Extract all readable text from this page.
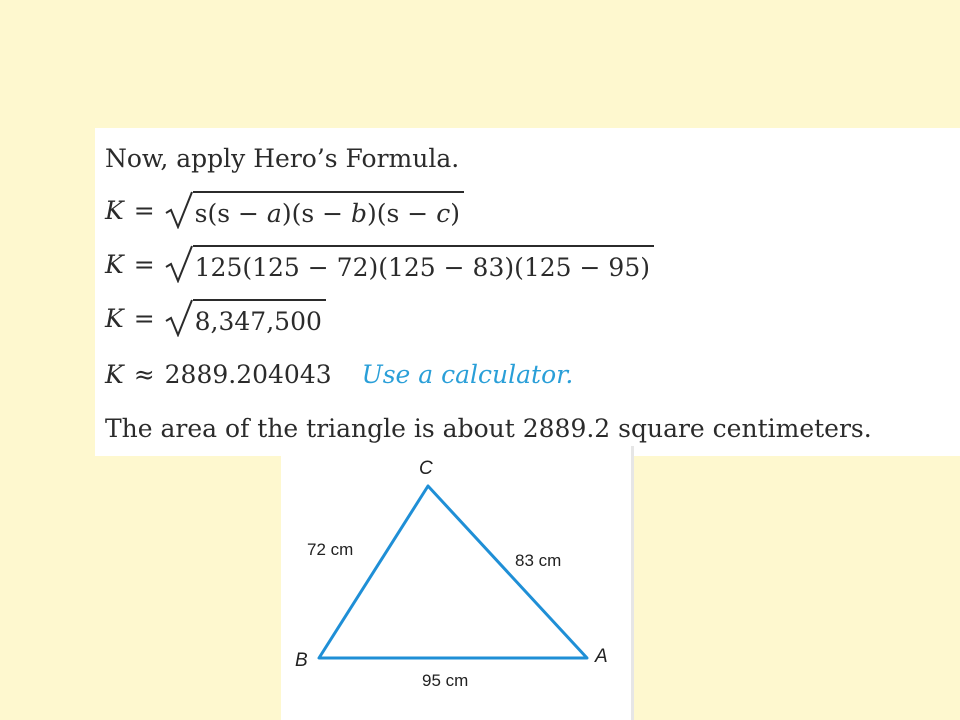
Now, apply Hero’s Formula.
K = s(s − a)(s − b)(s − c)
K = 125(125 − 72)(125 − 83)(125 − 95)
K = 8,347,500
K ≈ 2889.204043 Use a calculator.
The area of the triangle is about 2889.2 square centimeters.
C
B	A
72 cm
83 cm
95 cm
